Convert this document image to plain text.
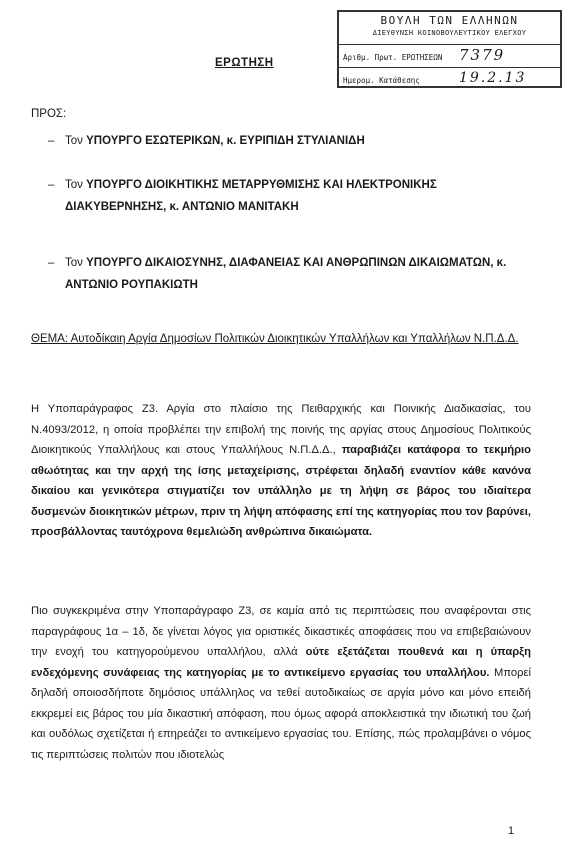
ΒΟΥΛΗ ΤΩΝ ΕΛΛΗΝΩΝ
ΔΙΕΥΘΥΝΣΗ ΚΟΙΝΟΒΟΥΛΕΥΤΙΚΟΥ ΕΛΕΓΧΟΥ
Αριθμ. Πρωτ. ΕΡΩΤΗΣΕΩΝ 7379
Ημερομ. Κατάθεσης	19.2.13
ΕΡΩΤΗΣΗ
ΠΡΟΣ:
– Τον ΥΠΟΥΡΓΟ ΕΣΩΤΕΡΙΚΩΝ, κ. ΕΥΡΙΠΙΔΗ ΣΤΥΛΙΑΝΙΔΗ
– Τον ΥΠΟΥΡΓΟ ΔΙΟΙΚΗΤΙΚΗΣ ΜΕΤΑΡΡΥΘΜΙΣΗΣ ΚΑΙ ΗΛΕΚΤΡΟΝΙΚΗΣ ΔΙΑΚΥΒΕΡΝΗΣΗΣ, κ. ΑΝΤΩΝΙΟ ΜΑΝΙΤΑΚΗ
– Τον ΥΠΟΥΡΓΟ ΔΙΚΑΙΟΣΥΝΗΣ, ΔΙΑΦΑΝΕΙΑΣ ΚΑΙ ΑΝΘΡΩΠΙΝΩΝ ΔΙΚΑΙΩΜΑΤΩΝ, κ. ΑΝΤΩΝΙΟ ΡΟΥΠΑΚΙΩΤΗ
ΘΕΜΑ: Αυτοδίκαιη Αργία Δημοσίων Πολιτικών Διοικητικών Υπαλλήλων και Υπαλλήλων Ν.Π.Δ.Δ.
Η Υποπαράγραφος Ζ3. Αργία στο πλαίσιο της Πειθαρχικής και Ποινικής Διαδικασίας, του Ν.4093/2012, η οποία προβλέπει την επιβολή της ποινής της αργίας στους Δημοσίους Πολιτικούς Διοικητικούς Υπαλλήλους και στους Υπαλλήλους Ν.Π.Δ.Δ., παραβιάζει κατάφορα το τεκμήριο αθωότητας και την αρχή της ίσης μεταχείρισης, στρέφεται δηλαδή εναντίον κάθε κανόνα δικαίου και γενικότερα στιγματίζει τον υπάλληλο με τη λήψη σε βάρος του ιδιαίτερα δυσμενών διοικητικών μέτρων, πριν τη λήψη απόφασης επί της κατηγορίας που τον βαρύνει, προσβάλλοντας ταυτόχρονα θεμελιώδη ανθρώπινα δικαιώματα.
Πιο συγκεκριμένα στην Υποπαράγραφο Ζ3, σε καμία από τις περιπτώσεις που αναφέρονται στις παραγράφους 1α – 1δ, δε γίνεται λόγος για οριστικές δικαστικές αποφάσεις που να επιβεβαιώνουν την ενοχή του κατηγορούμενου υπαλλήλου, αλλά ούτε εξετάζεται πουθενά και η ύπαρξη ενδεχόμενης συνάφειας της κατηγορίας με το αντικείμενο εργασίας του υπαλλήλου. Μπορεί δηλαδή οποιοσδήποτε δημόσιος υπάλληλος να τεθεί αυτοδικαίως σε αργία μόνο και μόνο επειδή εκκρεμεί εις βάρος του μία δικαστική απόφαση, που όμως αφορά αποκλειστικά την ιδιωτική του ζωή και ουδόλως σχετίζεται ή επηρεάζει το αντικείμενο εργασίας του. Επίσης, πώς προλαμβάνει ο νόμος τις περιπτώσεις πολιτών που ιδιοτελώς
1
